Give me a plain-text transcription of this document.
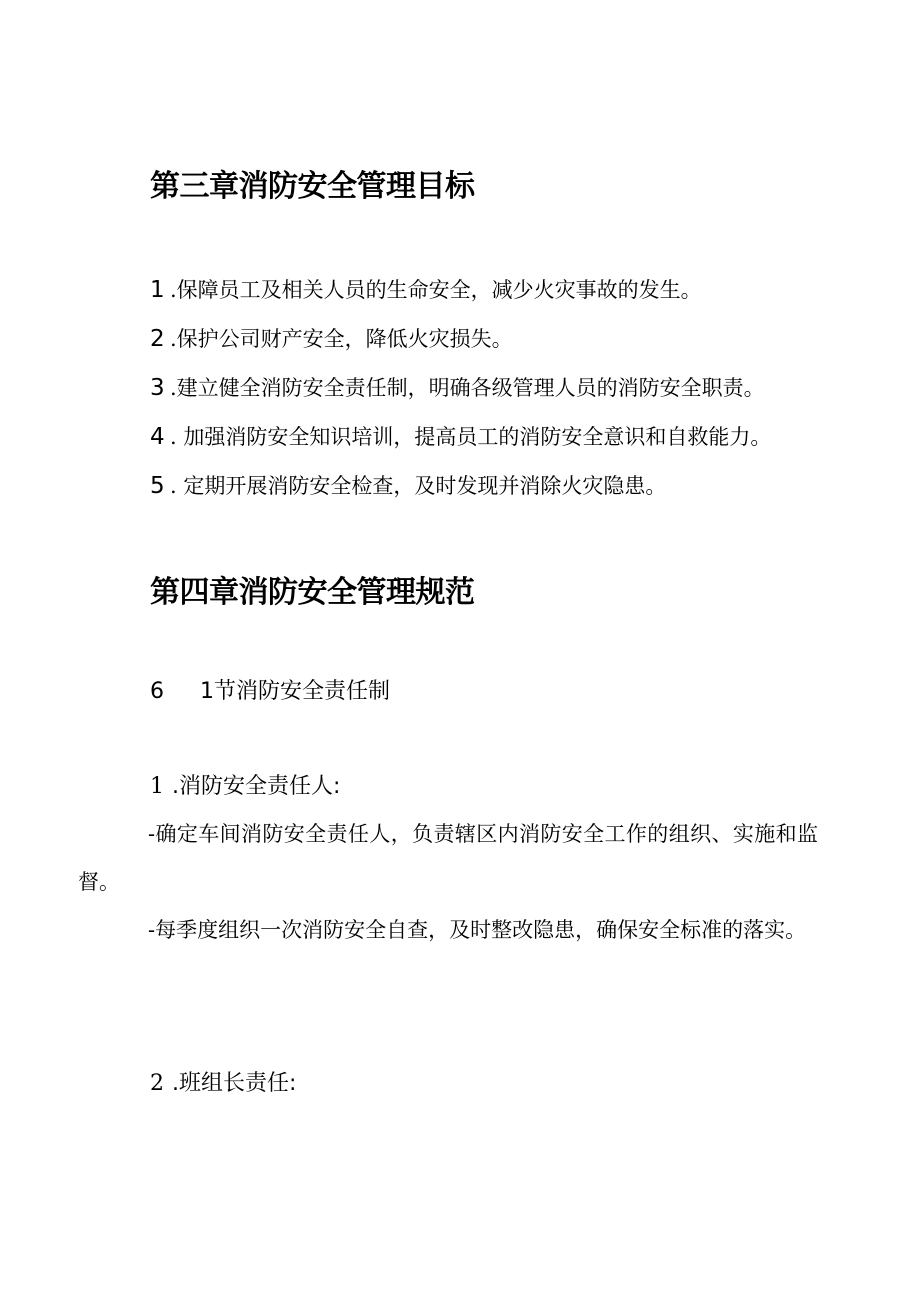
第三章消防安全管理目标
1 .保障员工及相关人员的生命安全，减少火灾事故的发生。
2 .保护公司财产安全，降低火灾损失。
3 .建立健全消防安全责任制，明确各级管理人员的消防安全职责。
4 . 加强消防安全知识培训，提高员工的消防安全意识和自救能力。
5 . 定期开展消防安全检查，及时发现并消除火灾隐患。
第四章消防安全管理规范
6 1节消防安全责任制
1 .消防安全责任人:

-确定车间消防安全责任人，负责辖区内消防安全工作的组织、实施和监督。

-每季度组织一次消防安全自查，及时整改隐患，确保安全标准的落实。

2 .班组长责任:
